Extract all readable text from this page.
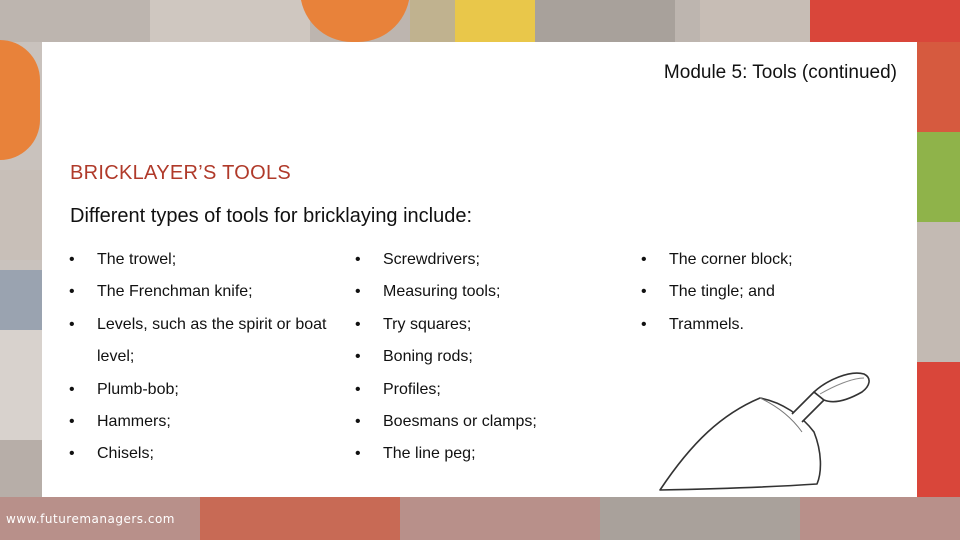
Module 5: Tools (continued)
BRICKLAYER’S TOOLS
Different types of tools for bricklaying include:
• The trowel;
• The Frenchman knife;
• Levels, such as the spirit or boat
level;
• Plumb-bob;
• Hammers;
• Chisels;
• Screwdrivers;
• Measuring tools;
• Try squares;
• Boning rods;
• Profiles;
• Boesmans or clamps;
• The line peg;
• The corner block;
• The tingle; and
• Trammels.
www.futuremanagers.com
